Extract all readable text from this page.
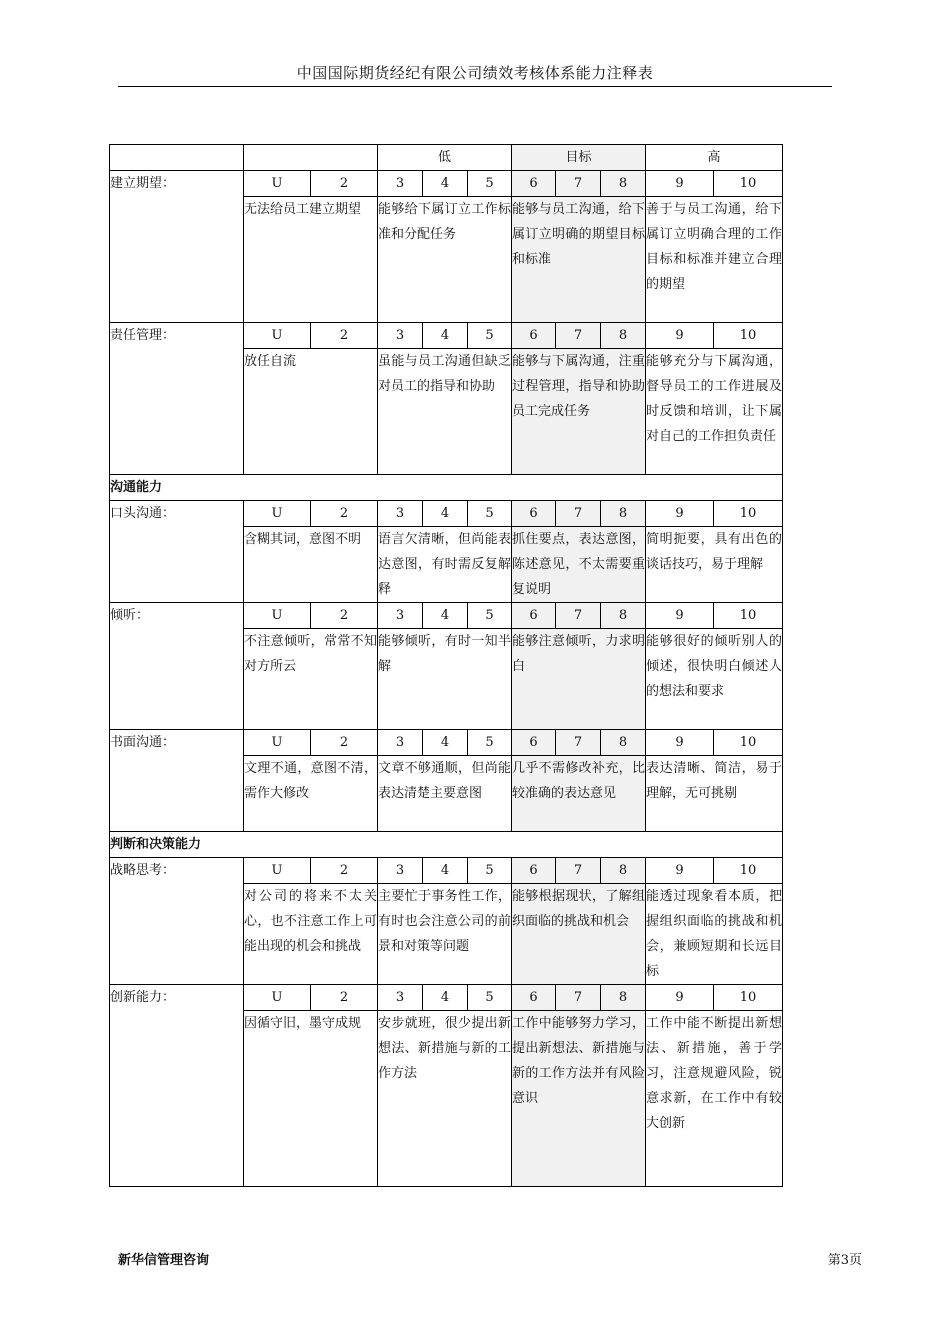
中国国际期货经纪有限公司绩效考核体系能力注释表
			低			目标			高	
建立期望：	U	2	3	4	5	6	7	8	9	10
	无法给员工建立期望		能够给下属订立工作标准和分配任务			能够与员工沟通，给下属订立明确的期望目标和标准			善于与员工沟通，给下属订立明确合理的工作目标和标准并建立合理的期望	
责任管理：	U	2	3	4	5	6	7	8	9	10
	放任自流		虽能与员工沟通但缺乏对员工的指导和协助			能够与下属沟通，注重过程管理，指导和协助员工完成任务			能够充分与下属沟通，督导员工的工作进展及时反馈和培训，让下属对自己的工作担负责任	
沟通能力										
口头沟通：	U	2	3	4	5	6	7	8	9	10
	含糊其词，意图不明		语言欠清晰，但尚能表达意图，有时需反复解释			抓住要点，表达意图，陈述意见，不太需要重复说明			简明扼要，具有出色的谈话技巧，易于理解	
倾听：	U	2	3	4	5	6	7	8	9	10
	不注意倾听，常常不知对方所云		能够倾听，有时一知半解			能够注意倾听，力求明白			能够很好的倾听别人的倾述，很快明白倾述人的想法和要求	
书面沟通：	U	2	3	4	5	6	7	8	9	10
	文理不通，意图不清，需作大修改		文章不够通顺，但尚能表达清楚主要意图			几乎不需修改补充，比较准确的表达意见			表达清晰、简洁，易于理解，无可挑剔	
判断和决策能力										
战略思考：	U	2	3	4	5	6	7	8	9	10
	对公司的将来不太关心，也不注意工作上可能出现的机会和挑战		主要忙于事务性工作，有时也会注意公司的前景和对策等问题			能够根据现状，了解组织面临的挑战和机会			能透过现象看本质，把握组织面临的挑战和机会，兼顾短期和长远目标	
创新能力：	U	2	3	4	5	6	7	8	9	10
	因循守旧，墨守成规		安步就班，很少提出新想法、新措施与新的工作方法			工作中能够努力学习，提出新想法、新措施与新的工作方法并有风险意识			工作中能不断提出新想法、新措施，善于学习，注意规避风险，锐意求新，在工作中有较大创新	
新华信管理咨询	第3页
